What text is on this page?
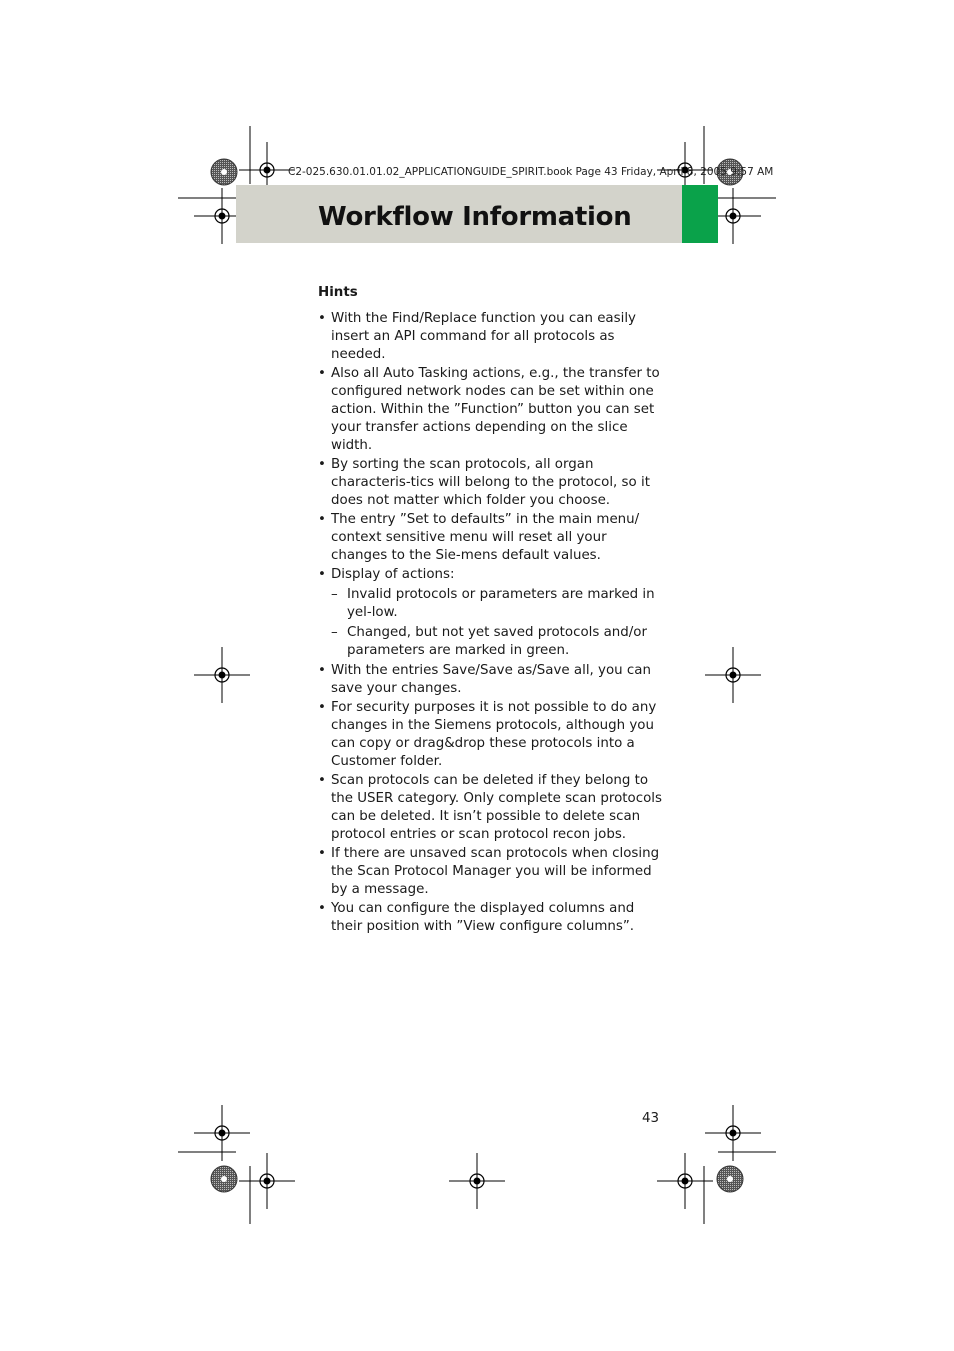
C2-025.630.01.01.02_APPLICATIONGUIDE_SPIRIT.book Page 43 Friday, April 8, 2005 9:57 AM
Workflow Information
Hints
• With the Find/Replace function you can easily insert an API command for all protocols as needed.
• Also all Auto Tasking actions, e.g., the transfer to configured network nodes can be set within one action. Within the ”Function” button you can set your transfer actions depending on the slice width.
• By sorting the scan protocols, all organ characteris-tics will belong to the protocol, so it does not matter which folder you choose.
• The entry ”Set to defaults” in the main menu/ context sensitive menu will reset all your changes to the Sie-mens default values.
• Display of actions:
– Invalid protocols or parameters are marked in yel-low.
– Changed, but not yet saved protocols and/or parameters are marked in green.
• With the entries Save/Save as/Save all, you can save your changes.
• For security purposes it is not possible to do any changes in the Siemens protocols, although you can copy or drag&drop these protocols into a Customer folder.
• Scan protocols can be deleted if they belong to the USER category. Only complete scan protocols can be deleted. It isn’t possible to delete scan protocol entries or scan protocol recon jobs.
• If there are unsaved scan protocols when closing the Scan Protocol Manager you will be informed by a message.
• You can configure the displayed columns and their position with ”View configure columns”.
43
